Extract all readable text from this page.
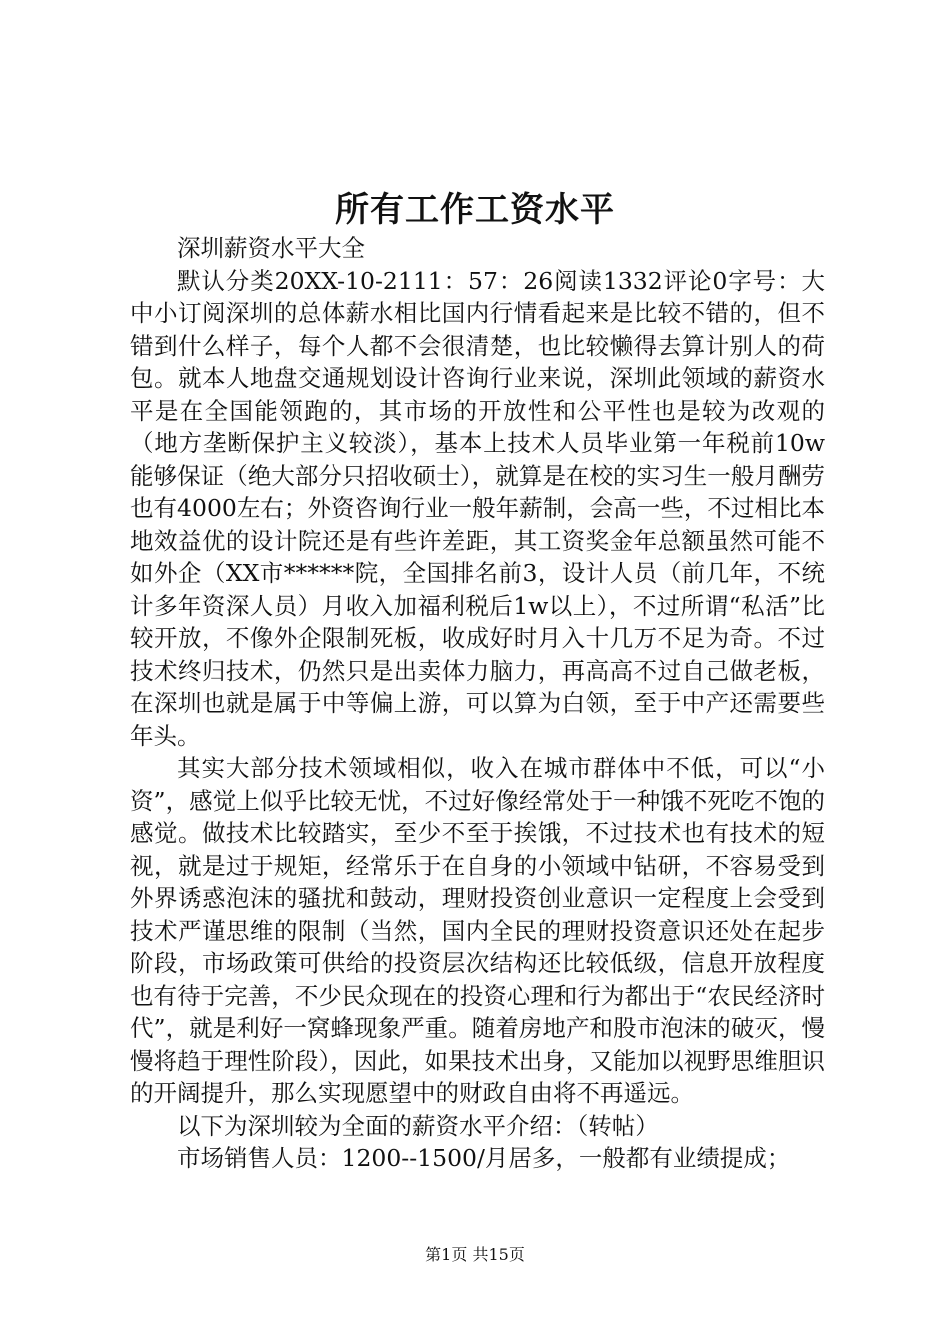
所有工作工资水平

深圳薪资水平大全

默认分类20XX-10-2111：57：26阅读1332评论0字号：大中小订阅深圳的总体薪水相比国内行情看起来是比较不错的，但不错到什么样子，每个人都不会很清楚，也比较懒得去算计别人的荷包。就本人地盘交通规划设计咨询行业来说，深圳此领域的薪资水平是在全国能领跑的，其市场的开放性和公平性也是较为改观的（地方垄断保护主义较淡），基本上技术人员毕业第一年税前10w能够保证（绝大部分只招收硕士），就算是在校的实习生一般月酬劳也有4000左右；外资咨询行业一般年薪制，会高一些，不过相比本地效益优的设计院还是有些许差距，其工资奖金年总额虽然可能不如外企（XX市******院，全国排名前3，设计人员（前几年，不统计多年资深人员）月收入加福利税后1w以上），不过所谓“私活”比较开放，不像外企限制死板，收成好时月入十几万不足为奇。不过技术终归技术，仍然只是出卖体力脑力，再高高不过自己做老板，在深圳也就是属于中等偏上游，可以算为白领，至于中产还需要些年头。

其实大部分技术领域相似，收入在城市群体中不低，可以“小资”，感觉上似乎比较无忧，不过好像经常处于一种饿不死吃不饱的感觉。做技术比较踏实，至少不至于挨饿，不过技术也有技术的短视，就是过于规矩，经常乐于在自身的小领域中钻研，不容易受到外界诱惑泡沫的骚扰和鼓动，理财投资创业意识一定程度上会受到技术严谨思维的限制（当然，国内全民的理财投资意识还处在起步阶段，市场政策可供给的投资层次结构还比较低级，信息开放程度也有待于完善，不少民众现在的投资心理和行为都出于“农民经济时代”，就是利好一窝蜂现象严重。随着房地产和股市泡沫的破灭，慢慢将趋于理性阶段），因此，如果技术出身，又能加以视野思维胆识的开阔提升，那么实现愿望中的财政自由将不再遥远。

以下为深圳较为全面的薪资水平介绍：（转帖）

市场销售人员：1200--1500/月居多，一般都有业绩提成；

第1页 共15页
